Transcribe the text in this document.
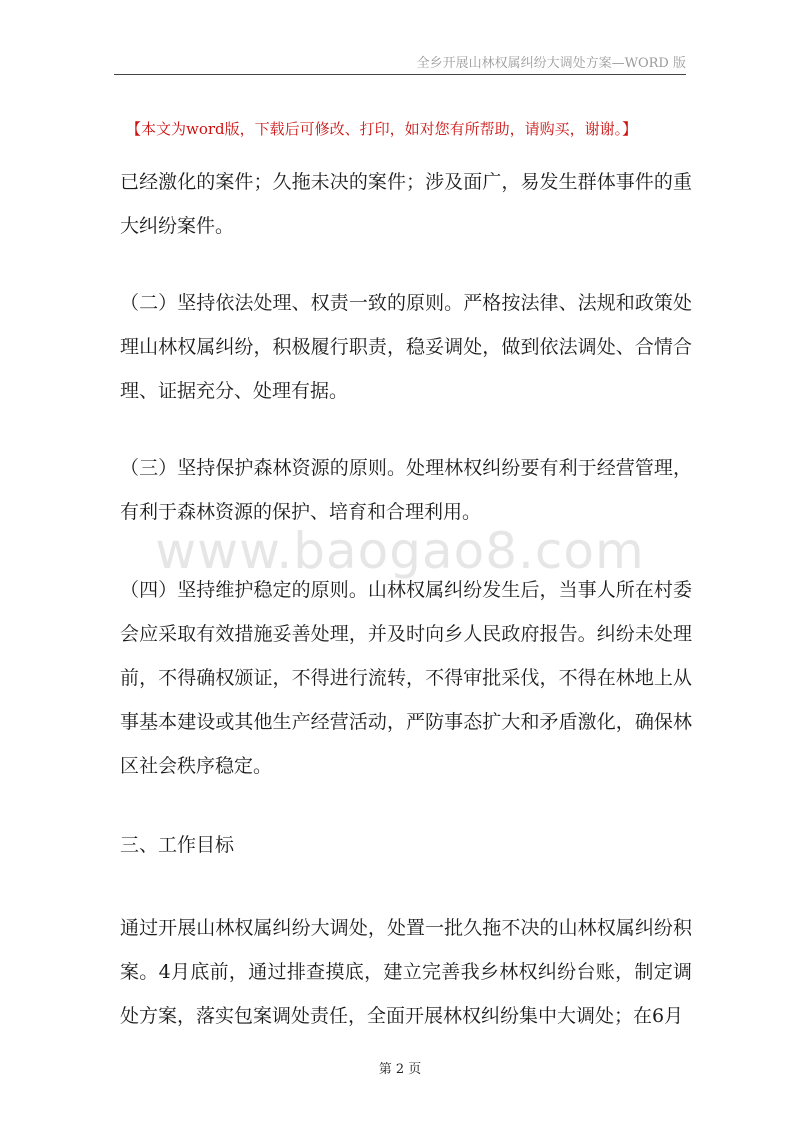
全乡开展山林权属纠纷大调处方案—WORD 版
【本文为word版，下载后可修改、打印，如对您有所帮助，请购买，谢谢。】

已经激化的案件；久拖未决的案件；涉及面广，易发生群体事件的重大纠纷案件。

（二）坚持依法处理、权责一致的原则。严格按法律、法规和政策处理山林权属纠纷，积极履行职责，稳妥调处，做到依法调处、合情合理、证据充分、处理有据。

www.baogao8.com

（三）坚持保护森林资源的原则。处理林权纠纷要有利于经营管理，有利于森林资源的保护、培育和合理利用。

（四）坚持维护稳定的原则。山林权属纠纷发生后，当事人所在村委会应采取有效措施妥善处理，并及时向乡人民政府报告。纠纷未处理前，不得确权颁证，不得进行流转，不得审批采伐，不得在林地上从事基本建设或其他生产经营活动，严防事态扩大和矛盾激化，确保林区社会秩序稳定。

三、工作目标

通过开展山林权属纠纷大调处，处置一批久拖不决的山林权属纠纷积案。4月底前，通过排查摸底，建立完善我乡林权纠纷台账，制定调处方案，落实包案调处责任，全面开展林权纠纷集中大调处；在6月

第 2 页
